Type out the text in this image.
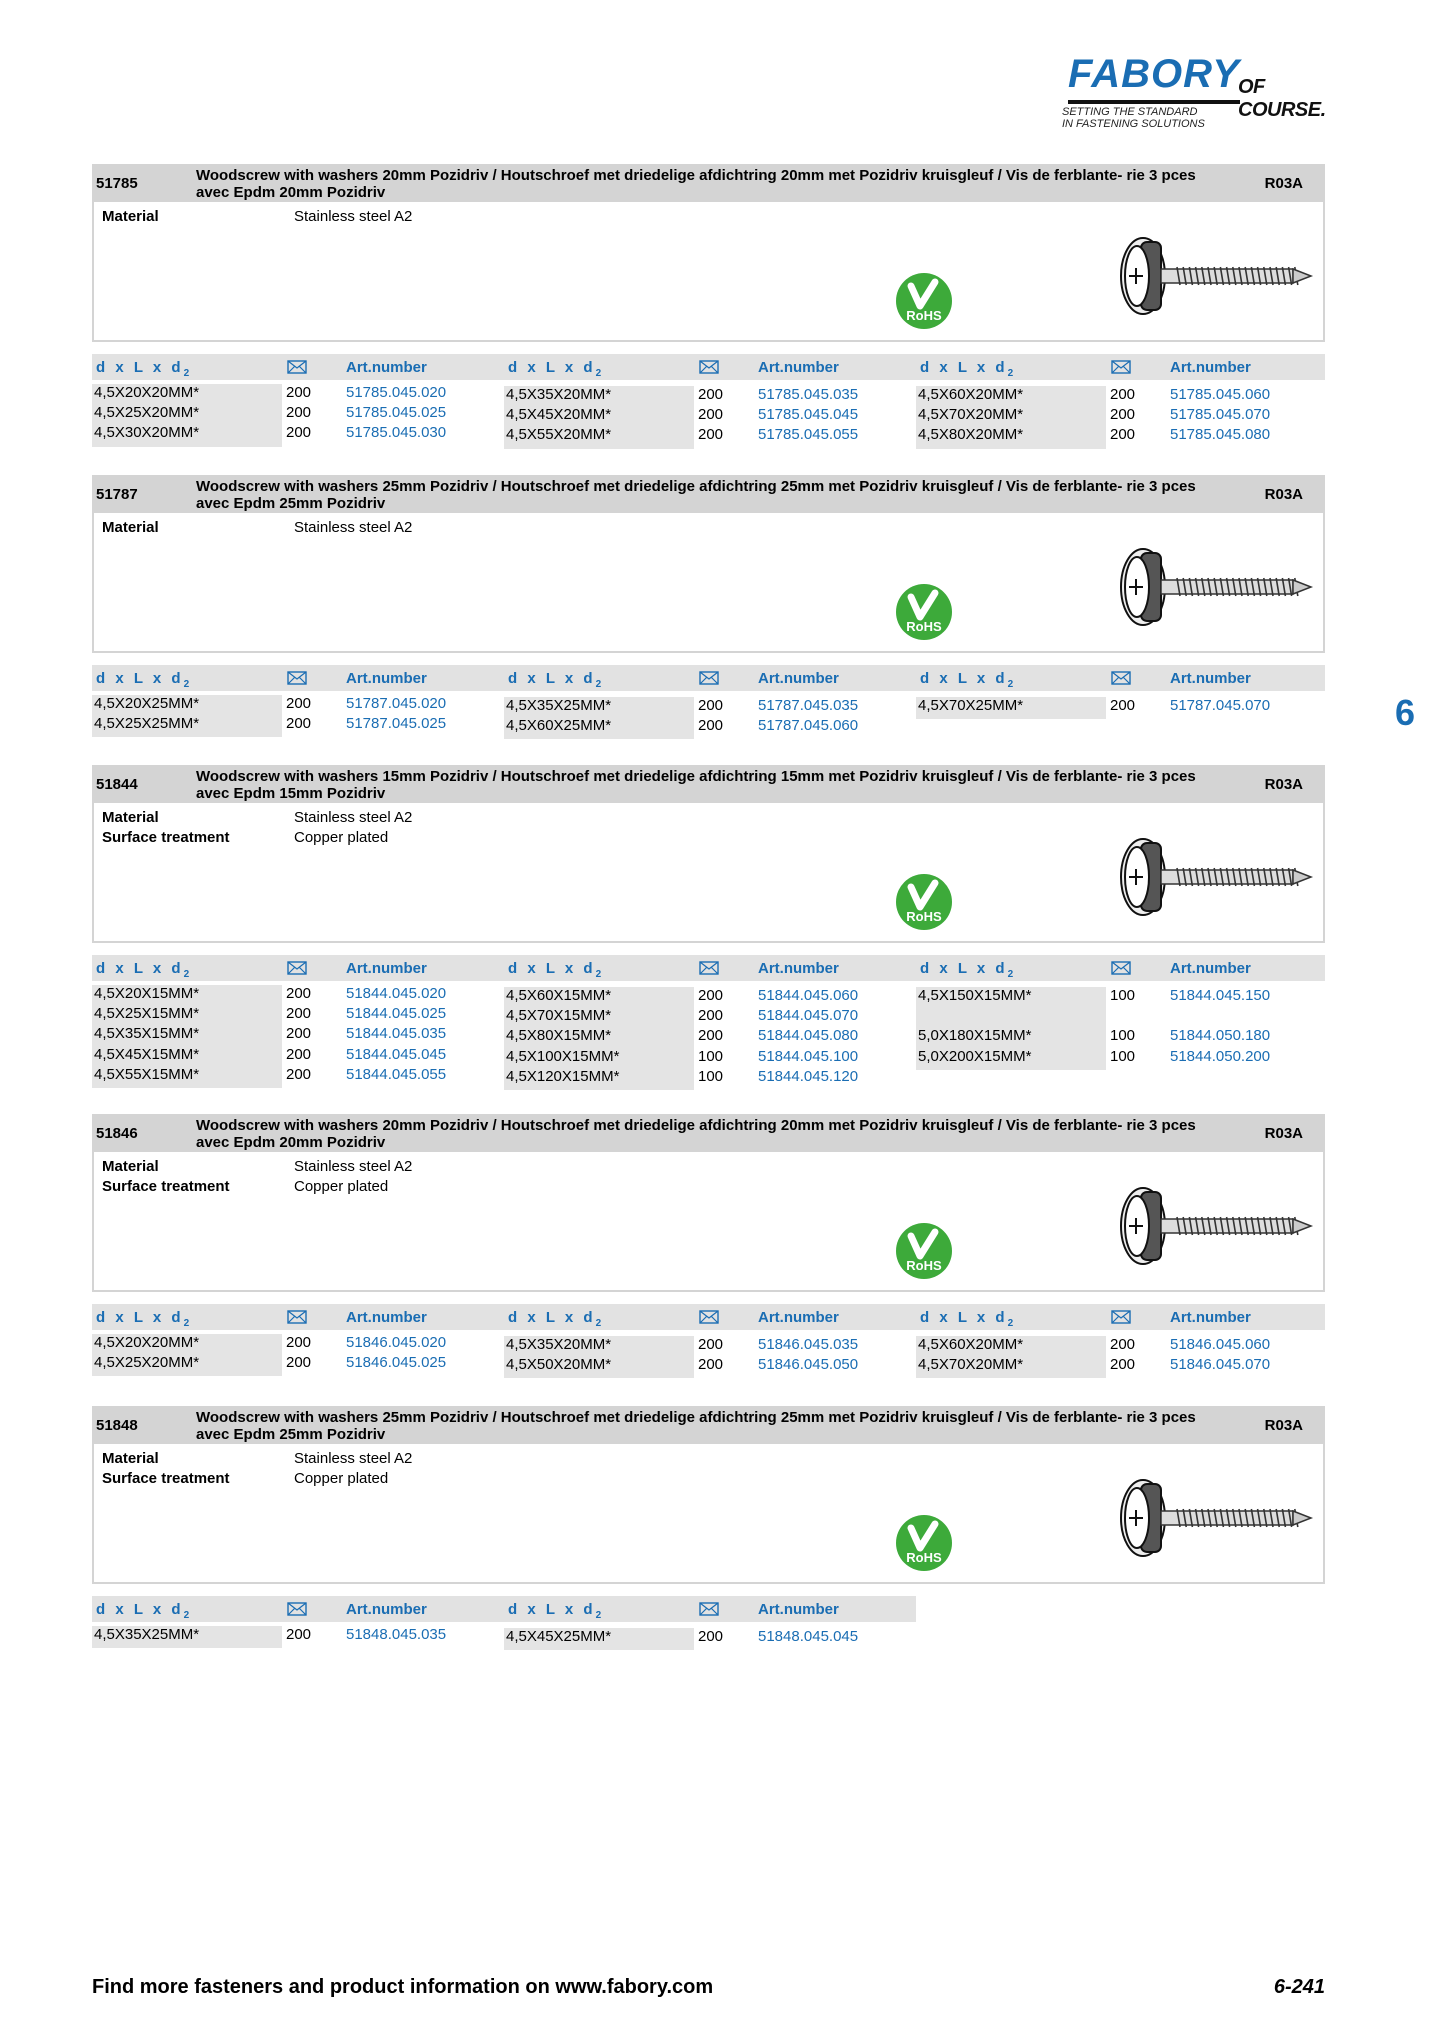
FABORY
OF COURSE.
SETTING THE STANDARD
IN FASTENING SOLUTIONS
6
51785	Woodscrew with washers 20mm Pozidriv / Houtschroef met driedelige afdichtring 20mm met Pozidriv kruisgleuf / Vis de ferblante- rie 3 pces avec Epdm 20mm Pozidriv
R03A
Material	Stainless steel A2
RoHS
d x L x $d_2$	Art.number
4,5X20X20MM*	200 51785.045.020
4,5X25X20MM*	200 51785.045.025
4,5X30X20MM*	200 51785.045.030
d x L x $d_2$	Art.number
4,5X35X20MM*	200 51785.045.035
4,5X45X20MM*	200 51785.045.045
4,5X55X20MM*	200 51785.045.055
d x L x $d_2$	Art.number
4,5X60X20MM*	200 51785.045.060
4,5X70X20MM*	200 51785.045.070
4,5X80X20MM*	200 51785.045.080
51787	Woodscrew with washers 25mm Pozidriv / Houtschroef met driedelige afdichtring 25mm met Pozidriv kruisgleuf / Vis de ferblante- rie 3 pces avec Epdm 25mm Pozidriv
R03A
Material	Stainless steel A2
RoHS
d x L x $d_2$	Art.number
4,5X20X25MM*	200 51787.045.020
4,5X25X25MM*	200 51787.045.025
d x L x $d_2$	Art.number
4,5X35X25MM*	200 51787.045.035
4,5X60X25MM*	200 51787.045.060
d x L x $d_2$	Art.number
4,5X70X25MM*	200 51787.045.070
51844	Woodscrew with washers 15mm Pozidriv / Houtschroef met driedelige afdichtring 15mm met Pozidriv kruisgleuf / Vis de ferblante- rie 3 pces avec Epdm 15mm Pozidriv
R03A
Material	Stainless steel A2
Surface treatment	Copper plated
RoHS
d x L x $d_2$	Art.number
4,5X20X15MM*	200 51844.045.020
4,5X25X15MM*	200 51844.045.025
4,5X35X15MM*	200 51844.045.035
4,5X45X15MM*	200 51844.045.045
4,5X55X15MM*	200 51844.045.055
d x L x $d_2$	Art.number
4,5X60X15MM*	200 51844.045.060
4,5X70X15MM*	200 51844.045.070
4,5X80X15MM*	200 51844.045.080
4,5X100X15MM*	100 51844.045.100
4,5X120X15MM*	100 51844.045.120
d x L x $d_2$	Art.number
4,5X150X15MM*	100 51844.045.150
5,0X180X15MM*	100 51844.050.180
5,0X200X15MM*	100 51844.050.200
51846	Woodscrew with washers 20mm Pozidriv / Houtschroef met driedelige afdichtring 20mm met Pozidriv kruisgleuf / Vis de ferblante- rie 3 pces avec Epdm 20mm Pozidriv
R03A
Material	Stainless steel A2
Surface treatment	Copper plated
RoHS
d x L x $d_2$	Art.number
4,5X20X20MM*	200 51846.045.020
4,5X25X20MM*	200 51846.045.025
d x L x $d_2$	Art.number
4,5X35X20MM*	200 51846.045.035
4,5X50X20MM*	200 51846.045.050
d x L x $d_2$	Art.number
4,5X60X20MM*	200 51846.045.060
4,5X70X20MM*	200 51846.045.070
51848	Woodscrew with washers 25mm Pozidriv / Houtschroef met driedelige afdichtring 25mm met Pozidriv kruisgleuf / Vis de ferblante- rie 3 pces avec Epdm 25mm Pozidriv
R03A
Material	Stainless steel A2
Surface treatment	Copper plated
RoHS
d x L x $d_2$	Art.number
4,5X35X25MM*	200 51848.045.035
d x L x $d_2$	Art.number
4,5X45X25MM*	200 51848.045.045
Find more fasteners and product information on www.fabory.com	6-241
